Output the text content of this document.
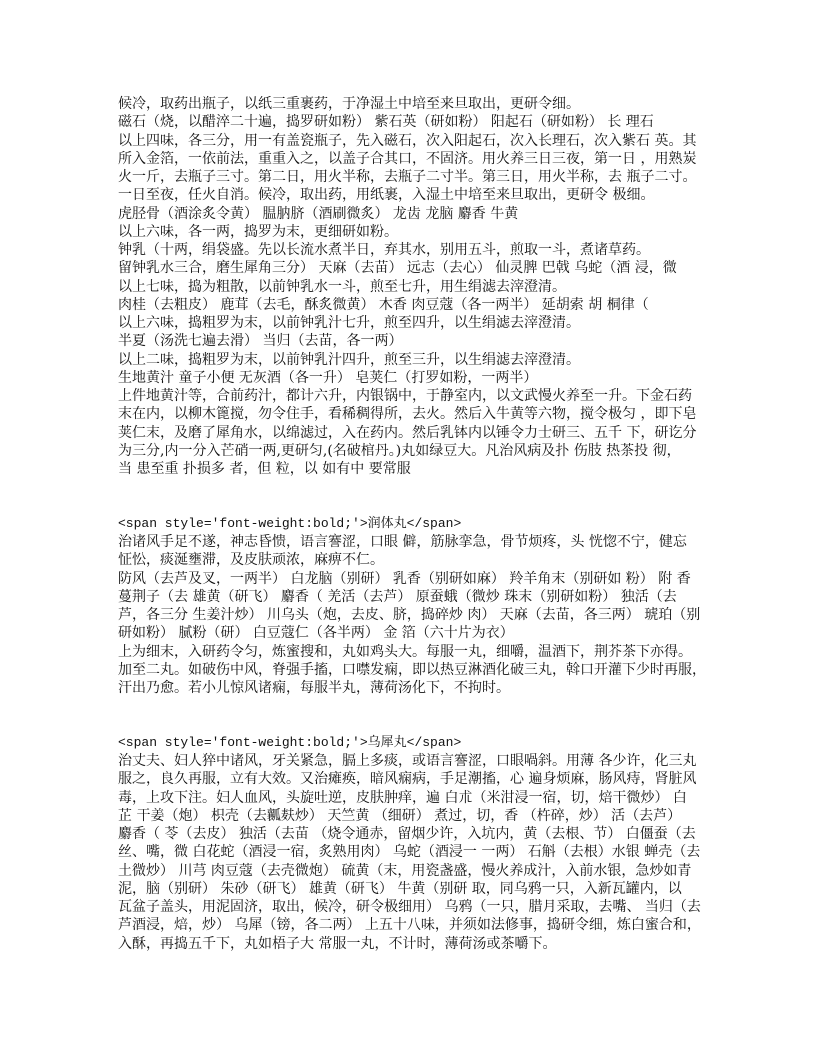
候冷，取药出瓶子，以纸三重裹药，于净湿土中培至来旦取出，更研令细。
磁石（烧，以醋淬二十遍，捣罗研如粉） 紫石英（研如粉） 阳起石（研如粉） 长 理石
以上四味，各三分，用一有盖瓷瓶子，先入磁石，次入阳起石，次入长理石，次入紫石 英。其
所入金箔，一依前法，重重入之，以盖子合其口，不固济。用火养三日三夜，第一日 ，用熟炭
火一斤，去瓶子三寸。第二日，用火半称，去瓶子二寸半。第三日，用火半称，去 瓶子二寸。
一日至夜，任火自消。候冷，取出药，用纸裹，入湿土中培至来旦取出，更研令 极细。
虎胫骨（酒涂炙令黄） 腽肭脐（酒刷微炙） 龙齿 龙脑 麝香 牛黄
以上六味，各一两，捣罗为末，更细研如粉。
钟乳（十两，绢袋盛。先以长流水煮半日，弃其水，别用五斗，煎取一斗，煮诸草药。
留钟乳水三合，磨生犀角三分） 天麻（去苗） 远志（去心） 仙灵脾 巴戟 乌蛇（酒 浸，微
以上七味，捣为粗散，以前钟乳水一斗，煎至七升，用生绢滤去滓澄清。
肉桂（去粗皮） 鹿茸（去毛，酥炙微黄） 木香 肉豆蔻（各一两半） 延胡索 胡 桐律（
以上六味，捣粗罗为末，以前钟乳汁七升，煎至四升，以生绢滤去滓澄清。
半夏（汤洗七遍去滑） 当归（去苗，各一两）
以上二味，捣粗罗为末，以前钟乳汁四升，煎至三升，以生绢滤去滓澄清。
生地黄汁 童子小便 无灰酒（各一升） 皂荚仁（打罗如粉，一两半）
上件地黄汁等，合前药汁，都计六升，内银锅中，于静室内，以文武慢火养至一升。下金石药
末在内，以柳木篦搅，勿令住手，看稀稠得所，去火。然后入牛黄等六物，搅令极匀 ，即下皂
荚仁末，及磨了犀角水，以绵滤过，入在药内。然后乳钵内以锤令力士研三、五千 下，研讫分
为三分,内一分入芒硝一两,更研匀,(名破棺丹。)丸如绿豆大。凡治风病及扑 伤肢 热茶投 彻，
当 患至重 扑损多 者，但 粒，以 如有中 要常服
<span style='font-weight:bold;'>润体丸</span>
治诸风手足不遂，神志昏愦，语言謇涩，口眼 僻，筋脉挛急，骨节烦疼，头 恍惚不宁，健忘
怔忪，痰涎壅滞，及皮肤顽浓，麻痹不仁。
防风（去芦及叉，一两半） 白龙脑（别研） 乳香（别研如麻） 羚羊角末（别研如 粉） 附 香
蔓荆子（去 雄黄（研飞） 麝香（ 羌活（去芦） 原蚕蛾（微炒 珠末（别研如粉） 独活（去
芦，各三分 生姜汁炒） 川乌头（炮，去皮、脐，捣碎炒 肉） 天麻（去苗，各三两） 琥珀（别
研如粉） 腻粉（研） 白豆蔻仁（各半两） 金 箔（六十片为衣）
上为细末，入研药令匀，炼蜜搜和，丸如鸡头大。每服一丸，细嚼，温酒下，荆芥茶下亦得。
加至二丸。如破伤中风，脊强手搐，口噤发痫，即以热豆淋酒化破三丸，斡口开灌下少时再服，
汗出乃愈。若小儿惊风诸痫，每服半丸，薄荷汤化下，不拘时。
<span style='font-weight:bold;'>乌犀丸</span>
治丈夫、妇人猝中诸风，牙关紧急，膈上多痰，或语言謇涩，口眼喎斜。用薄 各少许，化三丸
服之，良久再服，立有大效。又治瘫痪，暗风痫病，手足潮搐，心 遍身烦麻，肠风痔，肾脏风
毒，上攻下注。妇人血风，头旋吐逆，皮肤肿痒，遍 白朮（米泔浸一宿，切，焙干微炒） 白
芷 干姜（炮） 枳壳（去瓤麸炒） 天竺黄 （细研） 煮过，切，香 （杵碎，炒） 活（去芦）
麝香（ 苓（去皮） 独活（去苗 （烧令通赤，留烟少许，入坑内，黄（去根、节） 白僵蚕（去
丝、嘴，微 白花蛇（酒浸一宿，炙熟用肉） 乌蛇（酒浸一 一两） 石斛（去根）水银 蝉壳（去
土微炒） 川芎 肉豆蔻（去壳微炮） 硫黄（末，用瓷盏盛，慢火养成汁，入前水银，急炒如青
泥，脑（别研） 朱砂（研飞） 雄黄（研飞） 牛黄（别研 取，同乌鸦一只，入新瓦罐内，以
瓦盆子盖头，用泥固济，取出，候冷，研令极细用） 乌鸦（一只，腊月采取，去嘴、 当归（去
芦酒浸，焙，炒） 乌犀（镑，各二两） 上五十八味，并须如法修事，捣研令细，炼白蜜合和，
入酥，再捣五千下，丸如梧子大 常服一丸，不计时，薄荷汤或茶嚼下。
